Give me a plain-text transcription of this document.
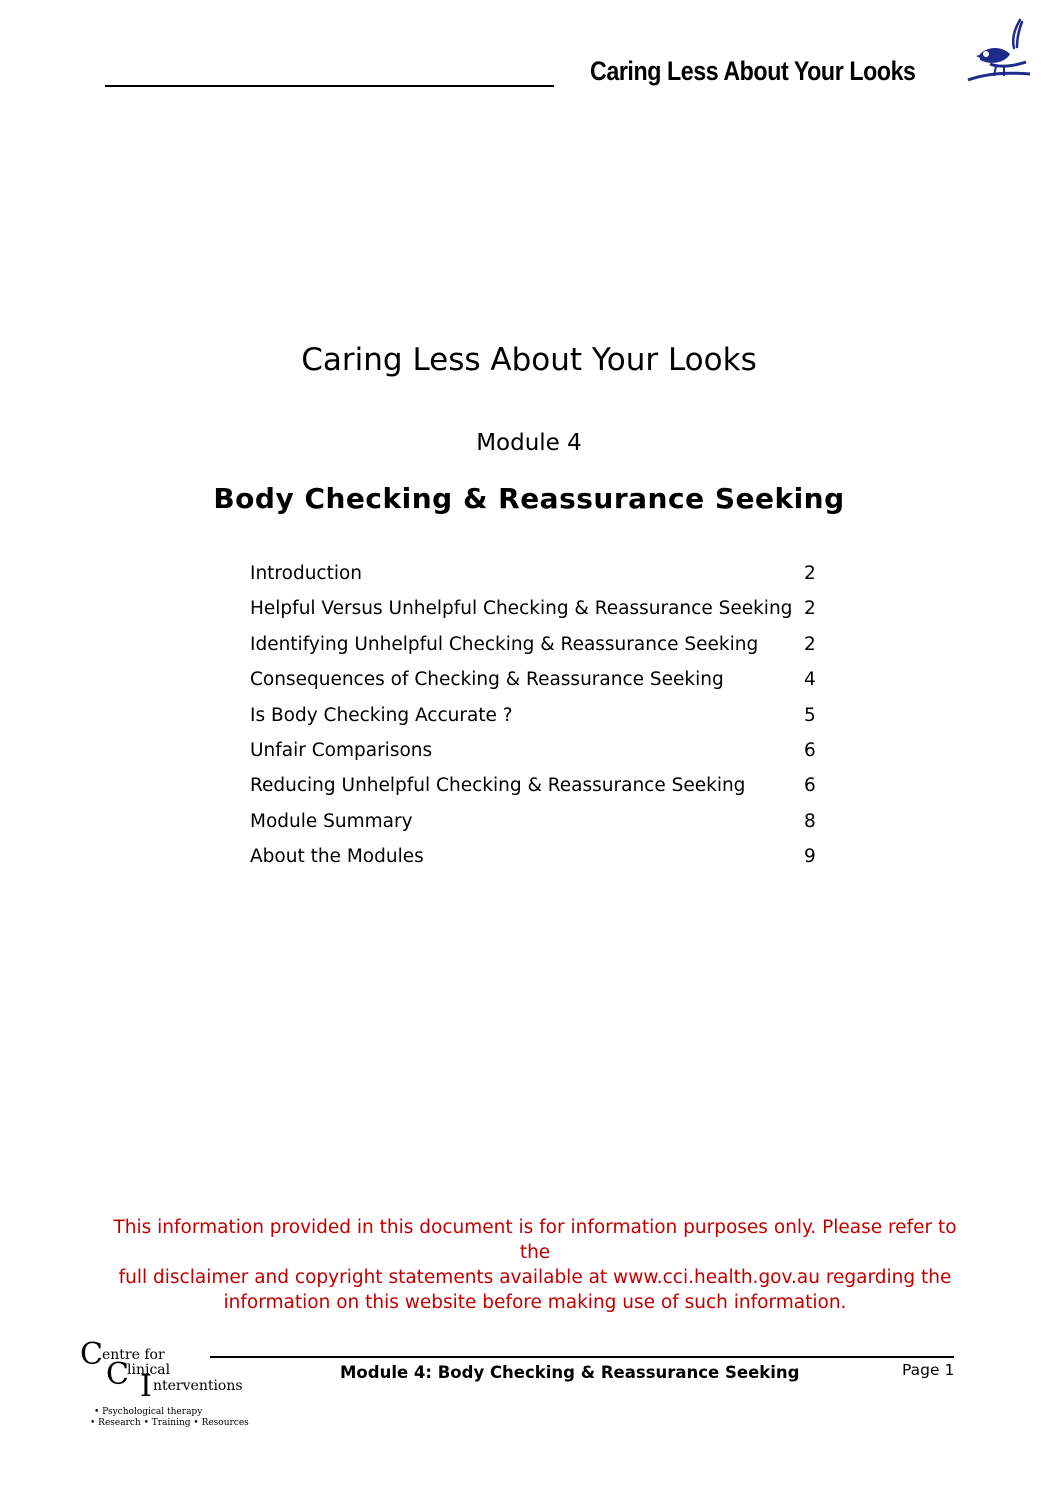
Caring Less About Your Looks
Caring Less About Your Looks
Module 4
Body Checking & Reassurance Seeking
Introduction	2
Helpful Versus Unhelpful Checking & Reassurance Seeking 2
Identifying Unhelpful Checking & Reassurance Seeking 2
Consequences of Checking & Reassurance Seeking	4
Is Body Checking Accurate ?	5
Unfair Comparisons	6
Reducing Unhelpful Checking & Reassurance Seeking	6
Module Summary	8
About the Modules	9
This information provided in this document is for information purposes only. Please refer to the
full disclaimer and copyright statements available at www.cci.health.gov.au regarding the
information on this website before making use of such information.
C entre for
C
linical
I nterventions
• Psychological therapy
• Research • Training • Resources
Module 4: Body Checking & Reassurance Seeking	Page 1
